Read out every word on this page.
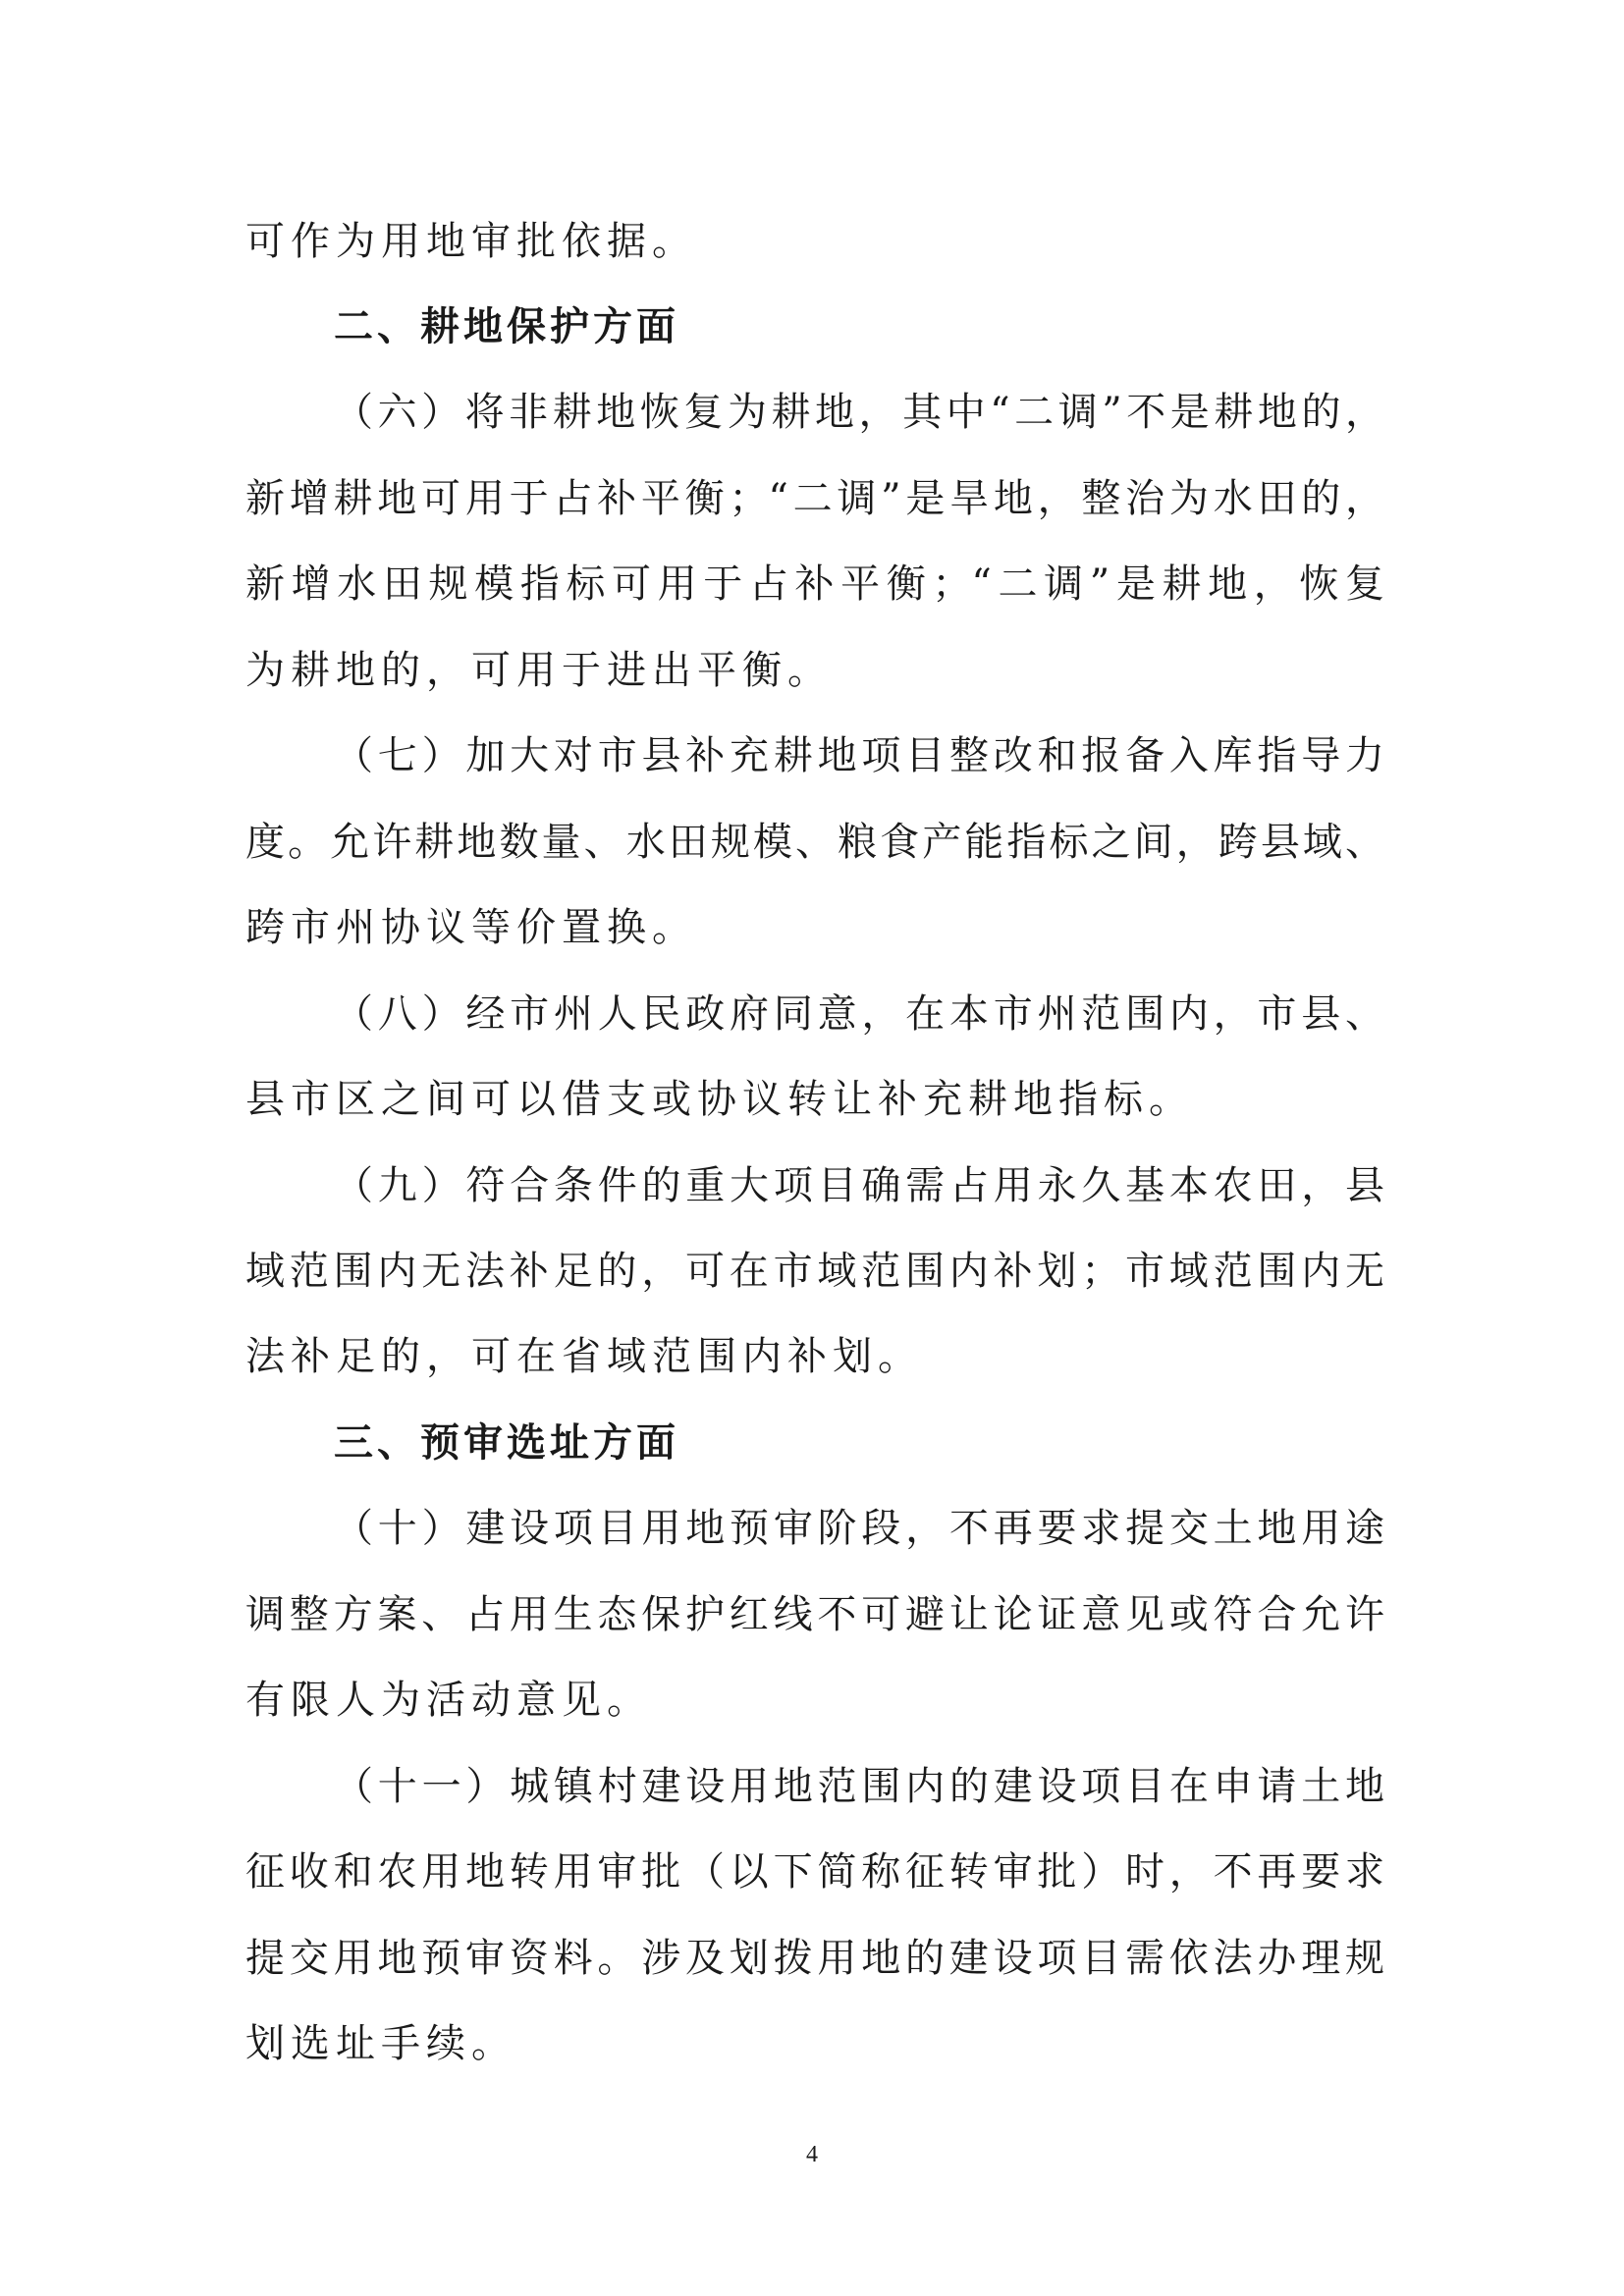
可作为用地审批依据。
二、耕地保护方面
（六）将非耕地恢复为耕地，其中“二调”不是耕地的，
新增耕地可用于占补平衡；“二调”是旱地，整治为水田的，
新增水田规模指标可用于占补平衡；“二调”是耕地，恢复
为耕地的，可用于进出平衡。
（七）加大对市县补充耕地项目整改和报备入库指导力
度。允许耕地数量、水田规模、粮食产能指标之间，跨县域、
跨市州协议等价置换。
（八）经市州人民政府同意，在本市州范围内，市县、
县市区之间可以借支或协议转让补充耕地指标。
（九）符合条件的重大项目确需占用永久基本农田，县
域范围内无法补足的，可在市域范围内补划；市域范围内无
法补足的，可在省域范围内补划。
三、预审选址方面
（十）建设项目用地预审阶段，不再要求提交土地用途
调整方案、占用生态保护红线不可避让论证意见或符合允许
有限人为活动意见。
（十一）城镇村建设用地范围内的建设项目在申请土地
征收和农用地转用审批（以下简称征转审批）时，不再要求
提交用地预审资料。涉及划拨用地的建设项目需依法办理规
划选址手续。
4
